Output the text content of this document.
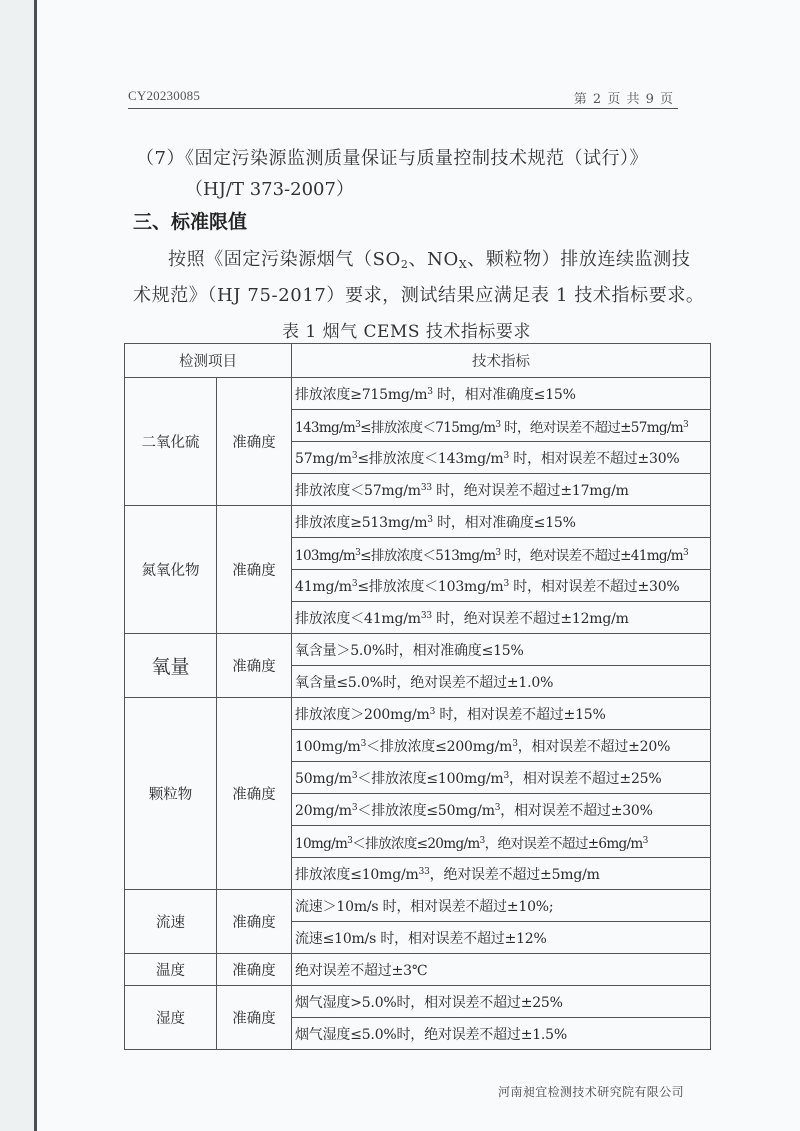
CY20230085	第 2 页 共 9 页
（7）《固定污染源监测质量保证与质量控制技术规范（试行）》
（HJ/T 373-2007）
三、标准限值
按照《固定污染源烟气（$SO_2$、$NO_X$、颗粒物）排放连续监测技
术规范》（HJ 75-2017）要求，测试结果应满足表 1 技术指标要求。
表 1 烟气 CEMS 技术指标要求
检测项目		技术指标
二氧化硫	准确度	排放浓度$\ge 715mg/m^3$ 时，相对准确度≤15%
		$143mg/m^3\le$排放浓度$<715mg/m^3$ 时，绝对误差不超过$\pm 57mg/m^3$
		$57mg/m^3\le$排放浓度$<143mg/m^3$ 时，相对误差不超过±30%
		排放浓度$<57mg/m^{33}$ 时，绝对误差不超过±17mg/m
氮氧化物	准确度	排放浓度$\ge 513mg/m^3$ 时，相对准确度≤15%
		$103mg/m^3\le$排放浓度$<513mg/m^3$ 时，绝对误差不超过$\pm 41mg/m^3$
		$41mg/m^3\le$排放浓度$<103mg/m^3$ 时，相对误差不超过±30%
		排放浓度$<41mg/m^{33}$ 时，绝对误差不超过±12mg/m
氧量	准确度	氧含量＞5.0%时，相对准确度≤15%
		氧含量≤5.0%时，绝对误差不超过±1.0%
颗粒物	准确度	排放浓度$>200mg/m^3$ 时，相对误差不超过±15%
		$100mg/m^3<$排放浓度$\le 200mg/m^3$，相对误差不超过±20%
		$50mg/m^3<$排放浓度$\le 100mg/m^3$，相对误差不超过±25%
		$20mg/m^3<$排放浓度$\le 50mg/m^3$，相对误差不超过±30%
		$10mg/m^3<$排放浓度$\le 20mg/m^3$，绝对误差不超过$\pm 6mg/m^3$
		排放浓度$\le 10mg/m^{33}$，绝对误差不超过±5mg/m
流速	准确度	流速＞10m/s 时，相对误差不超过±10%;
		流速≤10m/s 时，相对误差不超过±12%
温度	准确度	绝对误差不超过±3℃
湿度	准确度	烟气湿度>5.0%时，相对误差不超过±25%
		烟气湿度≤5.0%时，绝对误差不超过±1.5%
河南昶宜检测技术研究院有限公司
